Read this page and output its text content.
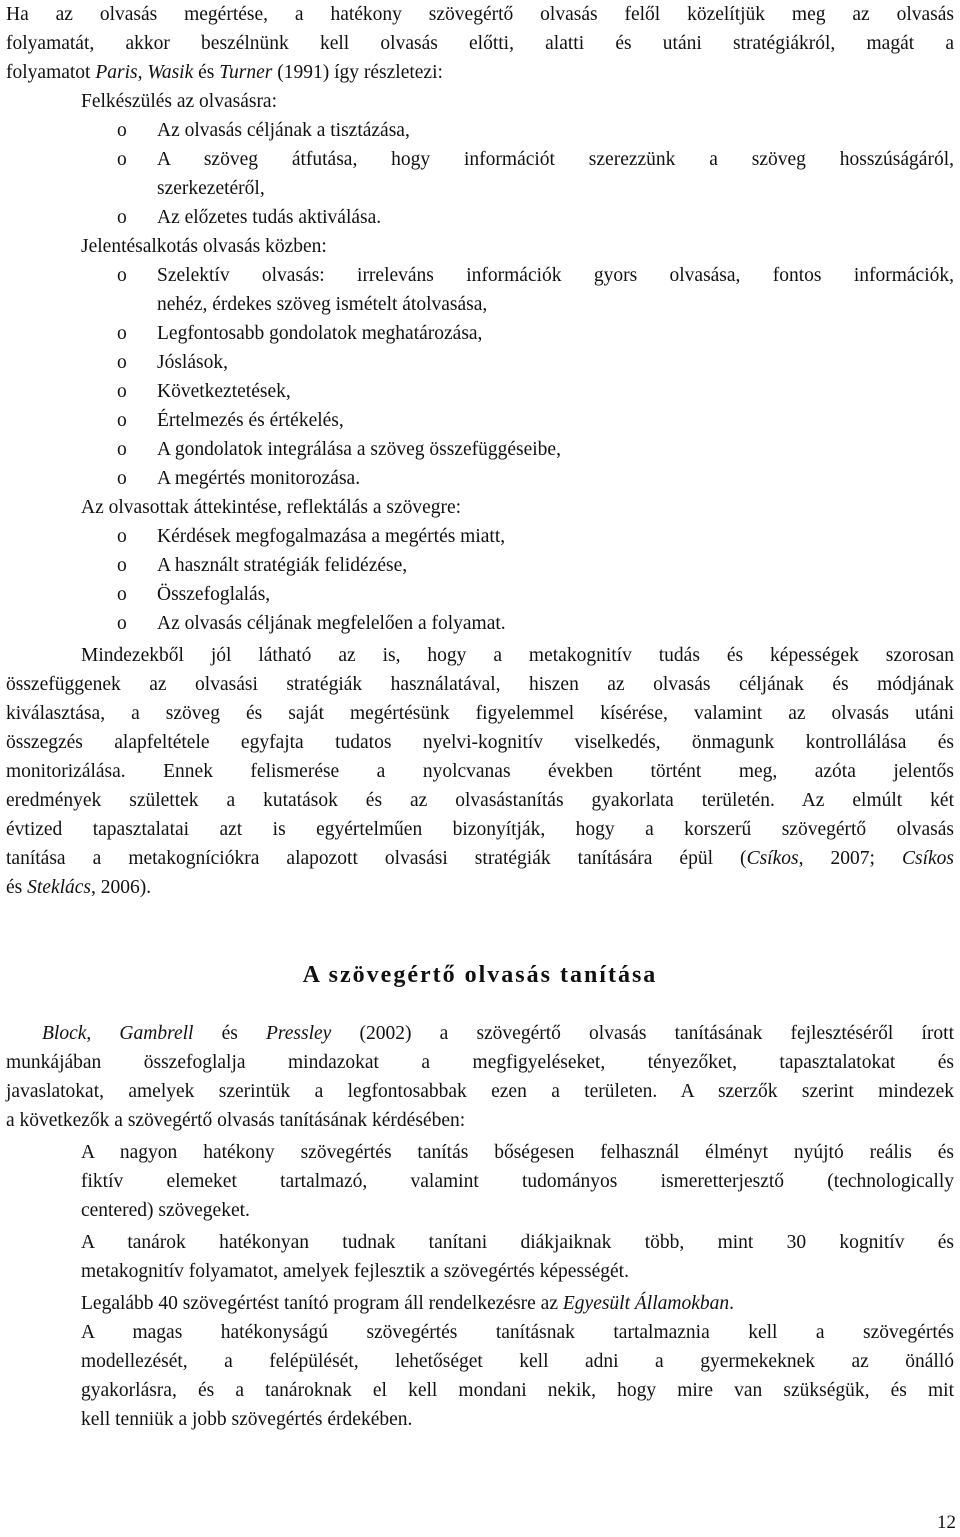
Ha az olvasás megértése, a hatékony szövegértő olvasás felől közelítjük meg az olvasás
folyamatát, akkor beszélnünk kell olvasás előtti, alatti és utáni stratégiákról, magát a
folyamatot Paris, Wasik és Turner (1991) így részletezi:
Felkészülés az olvasásra:
Az olvasás céljának a tisztázása,
o
A szöveg átfutása, hogy információt szerezzünk a szöveg hosszúságáról,
o
szerkezetéről,
Az előzetes tudás aktiválása.
o
Jelentésalkotás olvasás közben:
Szelektív olvasás: irreleváns információk gyors olvasása, fontos információk,
o
nehéz, érdekes szöveg ismételt átolvasása,
Legfontosabb gondolatok meghatározása,
o
Jóslások,
o
Következtetések,
o
Értelmezés és értékelés,
o
A gondolatok integrálása a szöveg összefüggéseibe,
o
A megértés monitorozása.
o
Az olvasottak áttekintése, reflektálás a szövegre:
Kérdések megfogalmazása a megértés miatt,
o
A használt stratégiák felidézése,
o
Összefoglalás,
o
Az olvasás céljának megfelelően a folyamat.
o
Mindezekből jól látható az is, hogy a metakognitív tudás és képességek szorosan
összefüggenek az olvasási stratégiák használatával, hiszen az olvasás céljának és módjának
kiválasztása, a szöveg és saját megértésünk figyelemmel kísérése, valamint az olvasás utáni
összegzés alapfeltétele egyfajta tudatos nyelvi-kognitív viselkedés, önmagunk kontrollálása és
monitorizálása. Ennek felismerése a nyolcvanas években történt meg, azóta jelentős
eredmények születtek a kutatások és az olvasástanítás gyakorlata területén. Az elmúlt két
évtized tapasztalatai azt is egyértelműen bizonyítják, hogy a korszerű szövegértő olvasás
tanítása a metakogníciókra alapozott olvasási stratégiák tanítására épül (Csíkos, 2007; Csíkos
és Steklács, 2006).
Block, Gambrell és Pressley (2002) a szövegértő olvasás tanításának fejlesztéséről írott
munkájában összefoglalja mindazokat a megfigyeléseket, tényezőket, tapasztalatokat és
javaslatokat, amelyek szerintük a legfontosabbak ezen a területen. A szerzők szerint mindezek
a következők a szövegértő olvasás tanításának kérdésében:
A nagyon hatékony szövegértés tanítás bőségesen felhasznál élményt nyújtó reális és
fiktív elemeket tartalmazó, valamint tudományos ismeretterjesztő (technologically
centered) szövegeket.
A tanárok hatékonyan tudnak tanítani diákjaiknak több, mint 30 kognitív és
metakognitív folyamatot, amelyek fejlesztik a szövegértés képességét.
Legalább 40 szövegértést tanító program áll rendelkezésre az Egyesült Államokban.
A magas hatékonyságú szövegértés tanításnak tartalmaznia kell a szövegértés
modellezését, a felépülését, lehetőséget kell adni a gyermekeknek az önálló
gyakorlásra, és a tanároknak el kell mondani nekik, hogy mire van szükségük, és mit
kell tenniük a jobb szövegértés érdekében.
A szövegértő olvasás tanítása
12
